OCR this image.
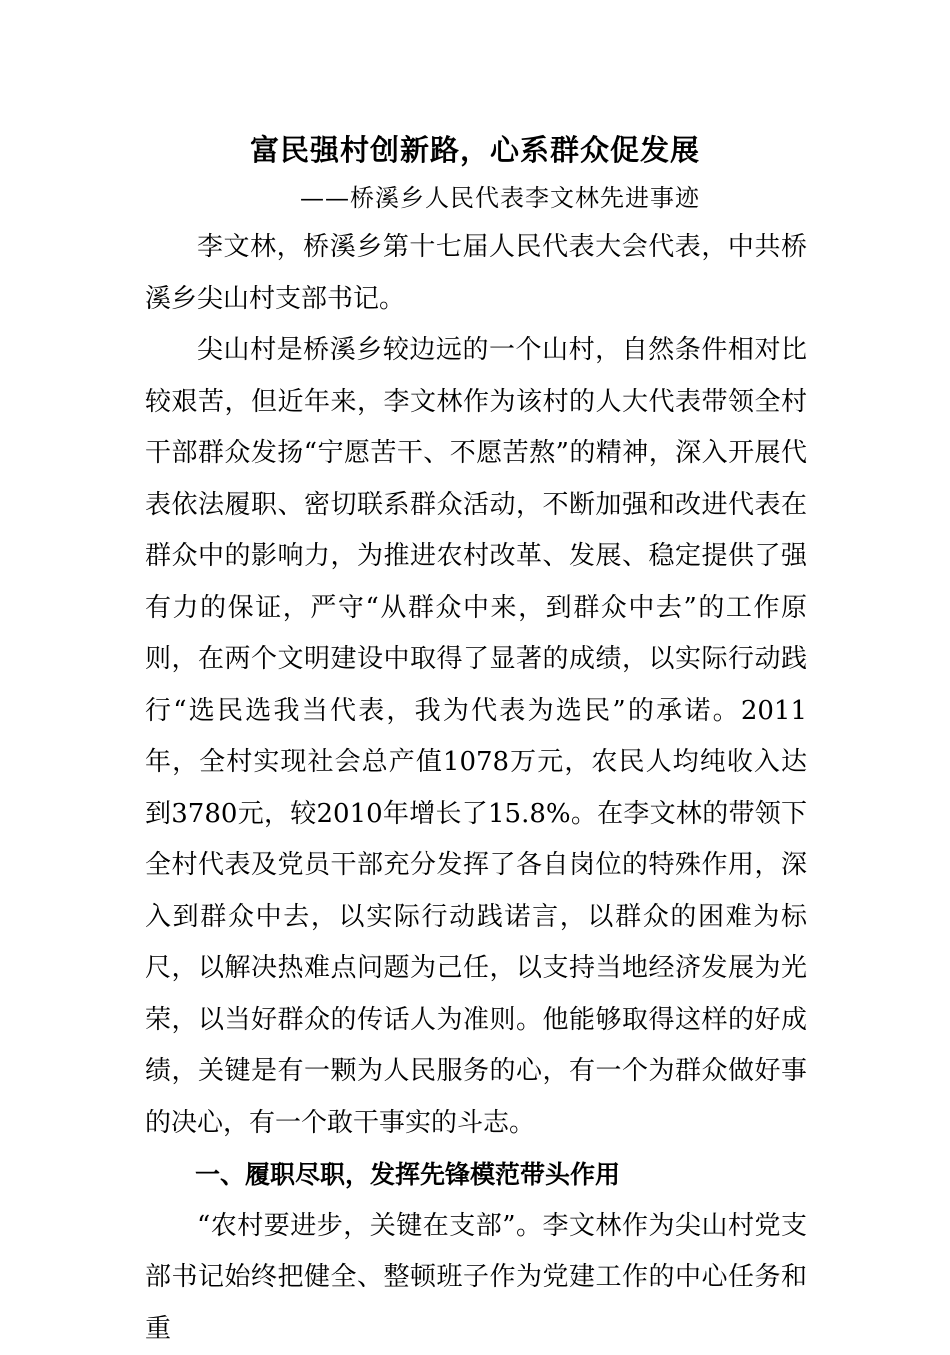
富民强村创新路，心系群众促发展
——桥溪乡人民代表李文林先进事迹

李文林，桥溪乡第十七届人民代表大会代表，中共桥溪乡尖山村支部书记。

尖山村是桥溪乡较边远的一个山村，自然条件相对比较艰苦，但近年来，李文林作为该村的人大代表带领全村干部群众发扬“宁愿苦干、不愿苦熬”的精神，深入开展代表依法履职、密切联系群众活动，不断加强和改进代表在群众中的影响力，为推进农村改革、发展、稳定提供了强有力的保证，严守“从群众中来，到群众中去”的工作原则，在两个文明建设中取得了显著的成绩，以实际行动践行“选民选我当代表，我为代表为选民”的承诺。2011年，全村实现社会总产值1078万元，农民人均纯收入达到3780元，较2010年增长了15.8%。在李文林的带领下全村代表及党员干部充分发挥了各自岗位的特殊作用，深入到群众中去，以实际行动践诺言，以群众的困难为标尺，以解决热难点问题为己任，以支持当地经济发展为光荣，以当好群众的传话人为准则。他能够取得这样的好成绩，关键是有一颗为人民服务的心，有一个为群众做好事的决心，有一个敢干事实的斗志。

一、履职尽职，发挥先锋模范带头作用

“农村要进步，关键在支部”。李文林作为尖山村党支部书记始终把健全、整顿班子作为党建工作的中心任务和重
